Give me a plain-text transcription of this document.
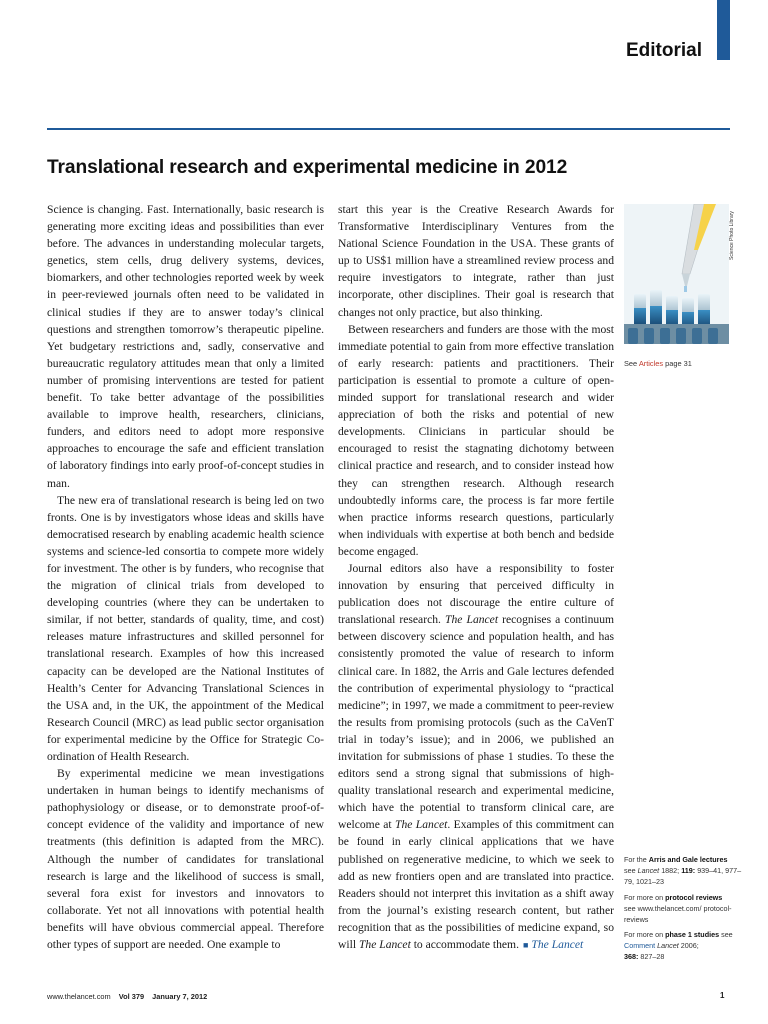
Editorial
Translational research and experimental medicine in 2012

Science is changing. Fast. Internationally, basic research is generating more exciting ideas and possibilities than ever before. The advances in understanding molecular targets, genetics, stem cells, drug delivery systems, devices, biomarkers, and other technologies reported week by week in peer-reviewed journals often need to be validated in clinical studies if they are to answer today’s clinical questions and strengthen tomorrow’s therapeutic pipeline. Yet budgetary restrictions and, sadly, conservative and bureaucratic regulatory attitudes mean that only a limited number of promising interventions are tested for patient benefit. To take better advantage of the possibilities available to improve health, researchers, clinicians, funders, and editors need to adopt more responsive approaches to encourage the safe and efficient translation of laboratory findings into early proof-of-concept studies in man.

The new era of translational research is being led on two fronts. One is by investigators whose ideas and skills have democratised research by enabling academic health science systems and science-led consortia to compete more widely for investment. The other is by funders, who recognise that the migration of clinical trials from developed to developing countries (where they can be undertaken to similar, if not better, standards of quality, time, and cost) releases mature infrastructures and skilled personnel for translational research. Examples of how this increased capacity can be developed are the National Institutes of Health’s Center for Advancing Translational Sciences in the USA and, in the UK, the appointment of the Medical Research Council (MRC) as lead public sector organisation for experimental medicine by the Office for Strategic Co-ordination of Health Research.

By experimental medicine we mean investigations undertaken in human beings to identify mechanisms of pathophysiology or disease, or to demonstrate proof-of-concept evidence of the validity and importance of new treatments (this definition is adapted from the MRC). Although the number of candidates for translational research is large and the likelihood of success is small, several fora exist for investors and innovators to collaborate. Yet not all innovations with potential health benefits will have obvious commercial appeal. Therefore other types of support are needed. One example to

start this year is the Creative Research Awards for Transformative Interdisciplinary Ventures from the National Science Foundation in the USA. These grants of up to US$1 million have a streamlined review process and require investigators to integrate, rather than just incorporate, other disciplines. Their goal is research that changes not only practice, but also thinking.

Between researchers and funders are those with the most immediate potential to gain from more effective translation of early research: patients and practitioners. Their participation is essential to promote a culture of open-minded support for translational research and wider appreciation of both the risks and potential of new developments. Clinicians in particular should be encouraged to resist the stagnating dichotomy between clinical practice and research, and to consider instead how they can strengthen research. Although research undoubtedly informs care, the process is far more fertile when practice informs research questions, particularly when individuals with expertise at both bench and bedside become engaged.

Journal editors also have a responsibility to foster innovation by ensuring that perceived difficulty in publication does not discourage the entire culture of translational research. The Lancet recognises a continuum between discovery science and population health, and has consistently promoted the value of research to inform clinical care. In 1882, the Arris and Gale lectures defended the contribution of experimental physiology to “practical medicine”; in 1997, we made a commitment to peer-review the results from promising protocols (such as the CaVenT trial in today’s issue); and in 2006, we published an invitation for submissions of phase 1 studies. To these the editors send a strong signal that submissions of high-quality translational research and experimental medicine, which have the potential to transform clinical care, are welcome at The Lancet. Examples of this commitment can be found in early clinical applications that we have published on regenerative medicine, to which we seek to add as new frontiers open and are translated into practice. Readers should not interpret this invitation as a shift away from the journal’s existing research content, but rather recognition that as the possibilities of medicine expand, so will The Lancet to accommodate them. ■ The Lancet

Science Photo Library
See Articles page 31
For the Arris and Gale lectures
see Lancet 1882; 119: 939–41, 977–79, 1021–23
For more on protocol reviews
see www.thelancet.com/ protocol-reviews
For more on phase 1 studies see
Comment Lancet 2006;
368: 827–28
www.thelancet.com Vol 379 January 7, 2012	1
